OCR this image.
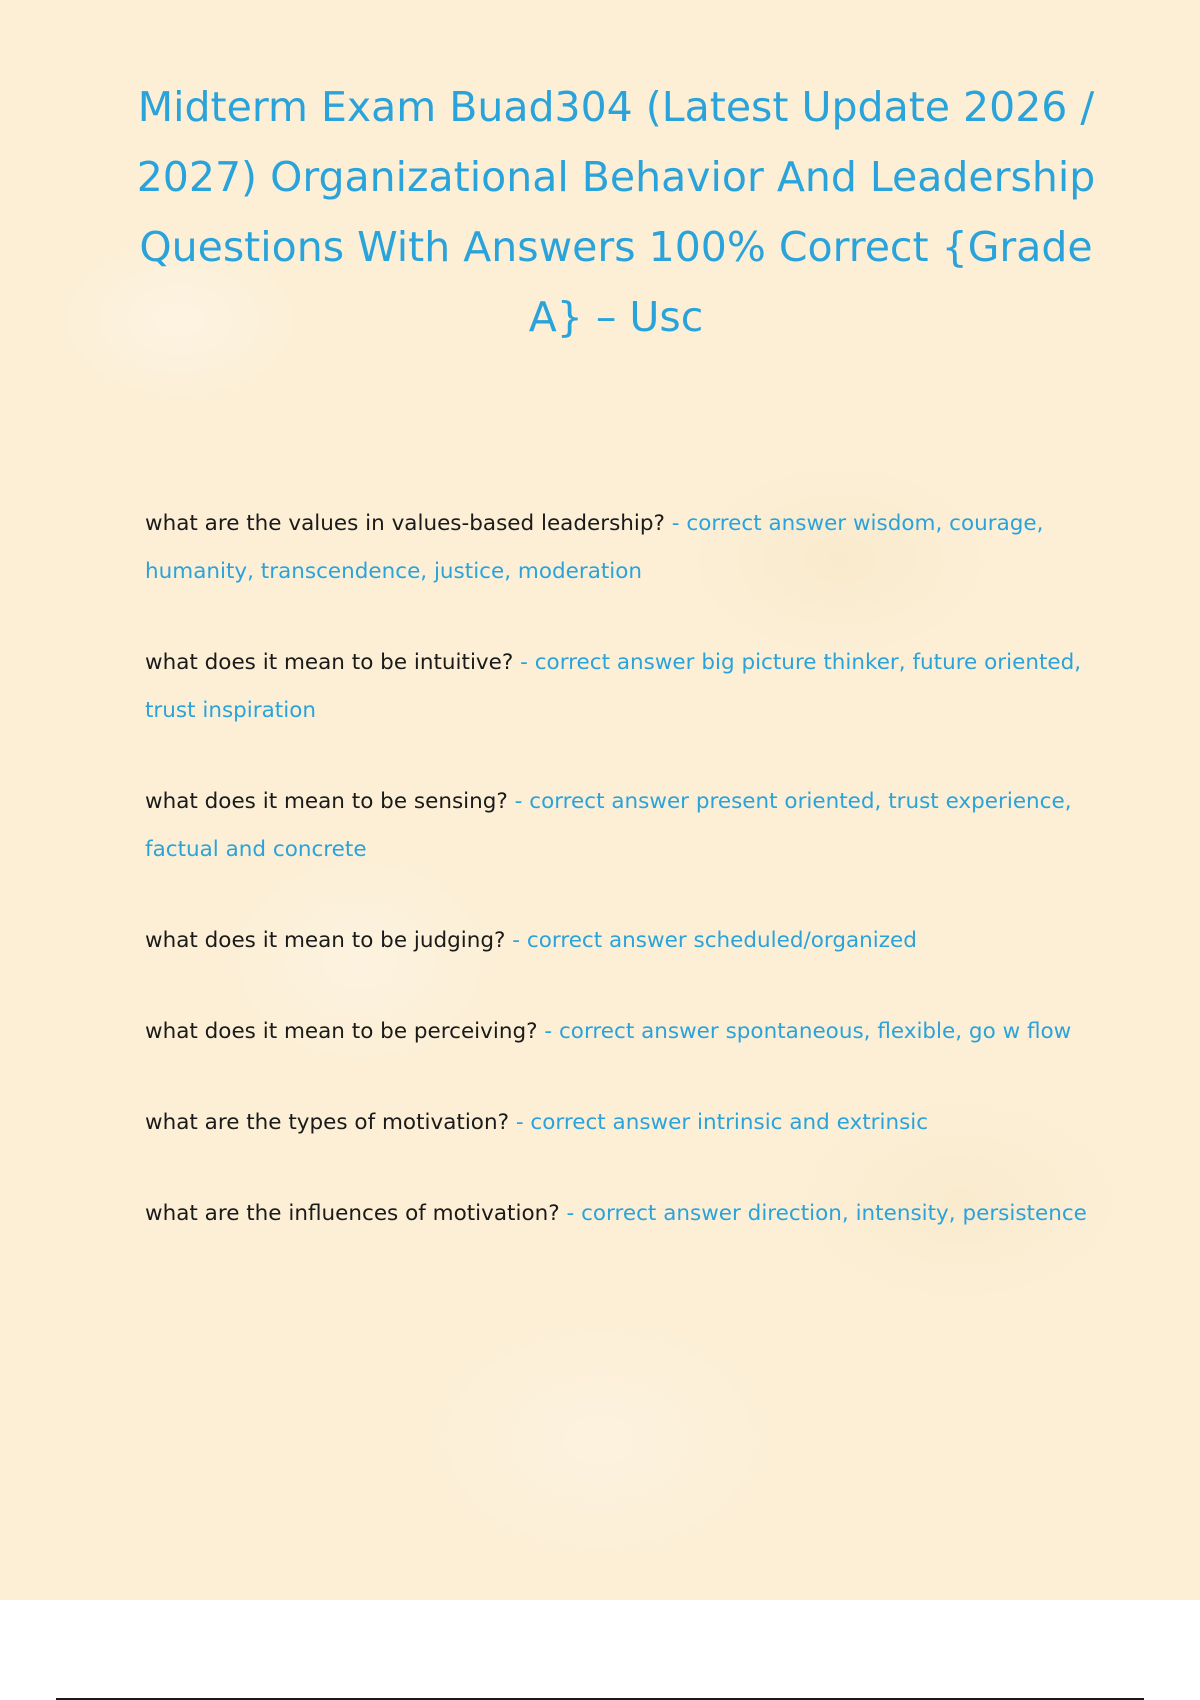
Midterm Exam Buad304 (Latest Update 2026 / 2027) Organizational Behavior And Leadership Questions With Answers 100% Correct {Grade A} – Usc

what are the values in values-based leadership? - correct answer wisdom, courage, humanity, transcendence, justice, moderation

what does it mean to be intuitive? - correct answer big picture thinker, future oriented, trust inspiration

what does it mean to be sensing? - correct answer present oriented, trust experience, factual and concrete

what does it mean to be judging? - correct answer scheduled/organized

what does it mean to be perceiving? - correct answer spontaneous, flexible, go w flow

what are the types of motivation? - correct answer intrinsic and extrinsic

what are the influences of motivation? - correct answer direction, intensity, persistence
